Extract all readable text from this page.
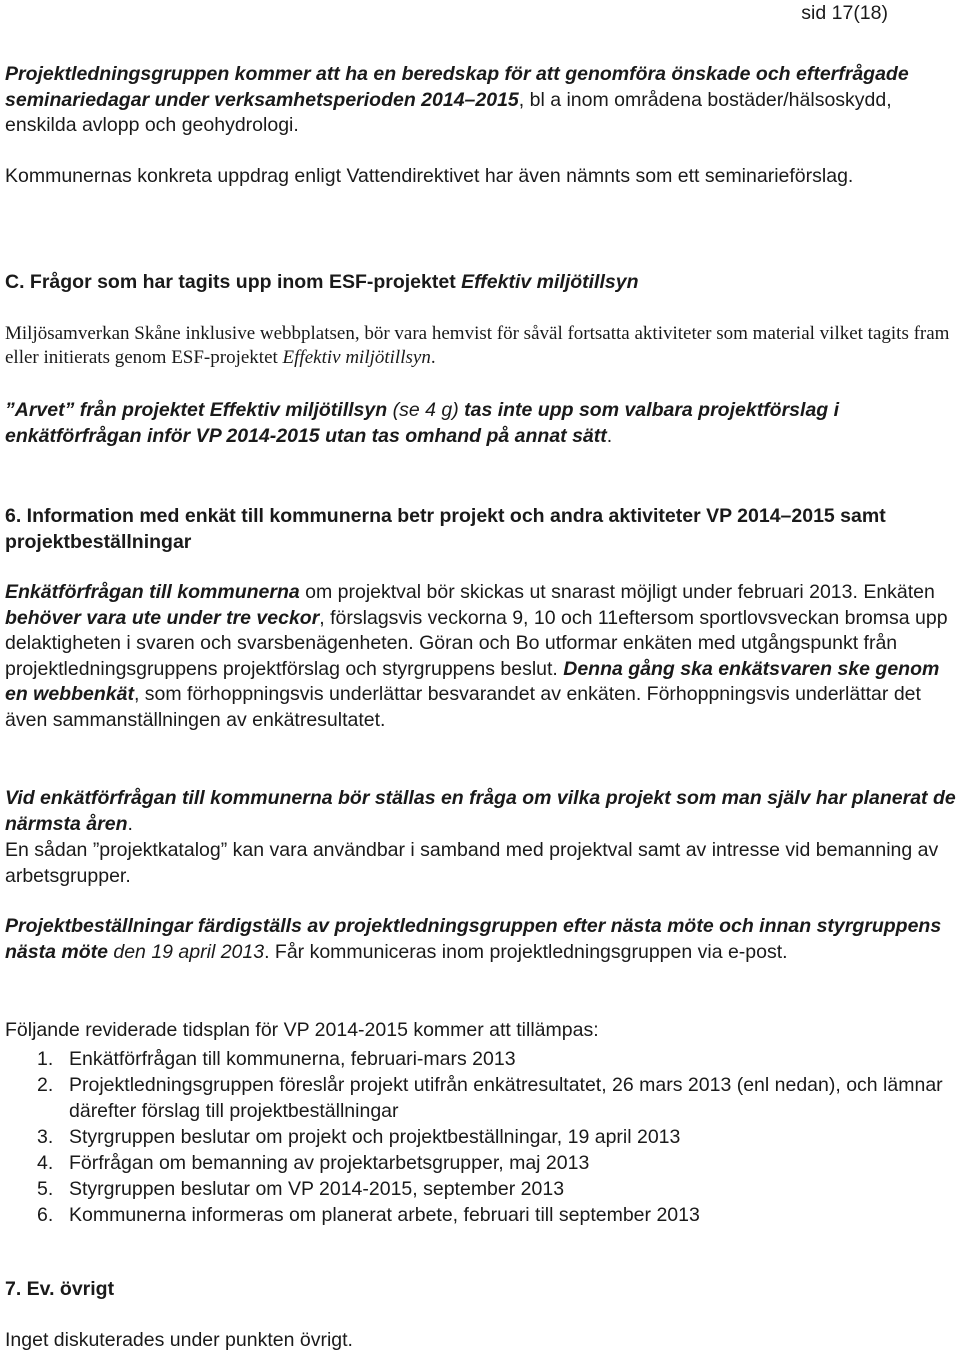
sid 17(18)

Projektledningsgruppen kommer att ha en beredskap för att genomföra önskade och efterfrågade seminariedagar under verksamhetsperioden 2014–2015, bl a inom områdena bostäder/hälsoskydd, enskilda avlopp och geohydrologi.

Kommunernas konkreta uppdrag enligt Vattendirektivet har även nämnts som ett seminarieförslag.

C. Frågor som har tagits upp inom ESF-projektet Effektiv miljötillsyn

Miljösamverkan Skåne inklusive webbplatsen, bör vara hemvist för såväl fortsatta aktiviteter som material vilket tagits fram eller initierats genom ESF-projektet Effektiv miljötillsyn.

”Arvet” från projektet Effektiv miljötillsyn (se 4 g) tas inte upp som valbara projektförslag i enkätförfrågan inför VP 2014-2015 utan tas omhand på annat sätt.

6. Information med enkät till kommunerna betr projekt och andra aktiviteter VP 2014–2015 samt projektbeställningar

Enkätförfrågan till kommunerna om projektval bör skickas ut snarast möjligt under februari 2013. Enkäten behöver vara ute under tre veckor, förslagsvis veckorna 9, 10 och 11eftersom sportlovsveckan bromsa upp delaktigheten i svaren och svarsbenägenheten. Göran och Bo utformar enkäten med utgångspunkt från projektledningsgruppens projektförslag och styrgruppens beslut. Denna gång ska enkätsvaren ske genom en webbenkät, som förhoppningsvis underlättar besvarandet av enkäten. Förhoppningsvis underlättar det även sammanställningen av enkätresultatet.

Vid enkätförfrågan till kommunerna bör ställas en fråga om vilka projekt som man själv har planerat de närmsta åren.

En sådan ”projektkatalog” kan vara användbar i samband med projektval samt av intresse vid bemanning av arbetsgrupper.

Projektbeställningar färdigställs av projektledningsgruppen efter nästa möte och innan styrgruppens nästa möte den 19 april 2013. Får kommuniceras inom projektledningsgruppen via e-post.

Följande reviderade tidsplan för VP 2014-2015 kommer att tillämpas:

1. Enkätförfrågan till kommunerna, februari-mars 2013
2. Projektledningsgruppen föreslår projekt utifrån enkätresultatet, 26 mars 2013 (enl nedan), och lämnar därefter förslag till projektbeställningar
3. Styrgruppen beslutar om projekt och projektbeställningar, 19 april 2013
4. Förfrågan om bemanning av projektarbetsgrupper, maj 2013
5. Styrgruppen beslutar om VP 2014-2015, september 2013
6. Kommunerna informeras om planerat arbete, februari till september 2013

7. Ev. övrigt

Inget diskuterades under punkten övrigt.
